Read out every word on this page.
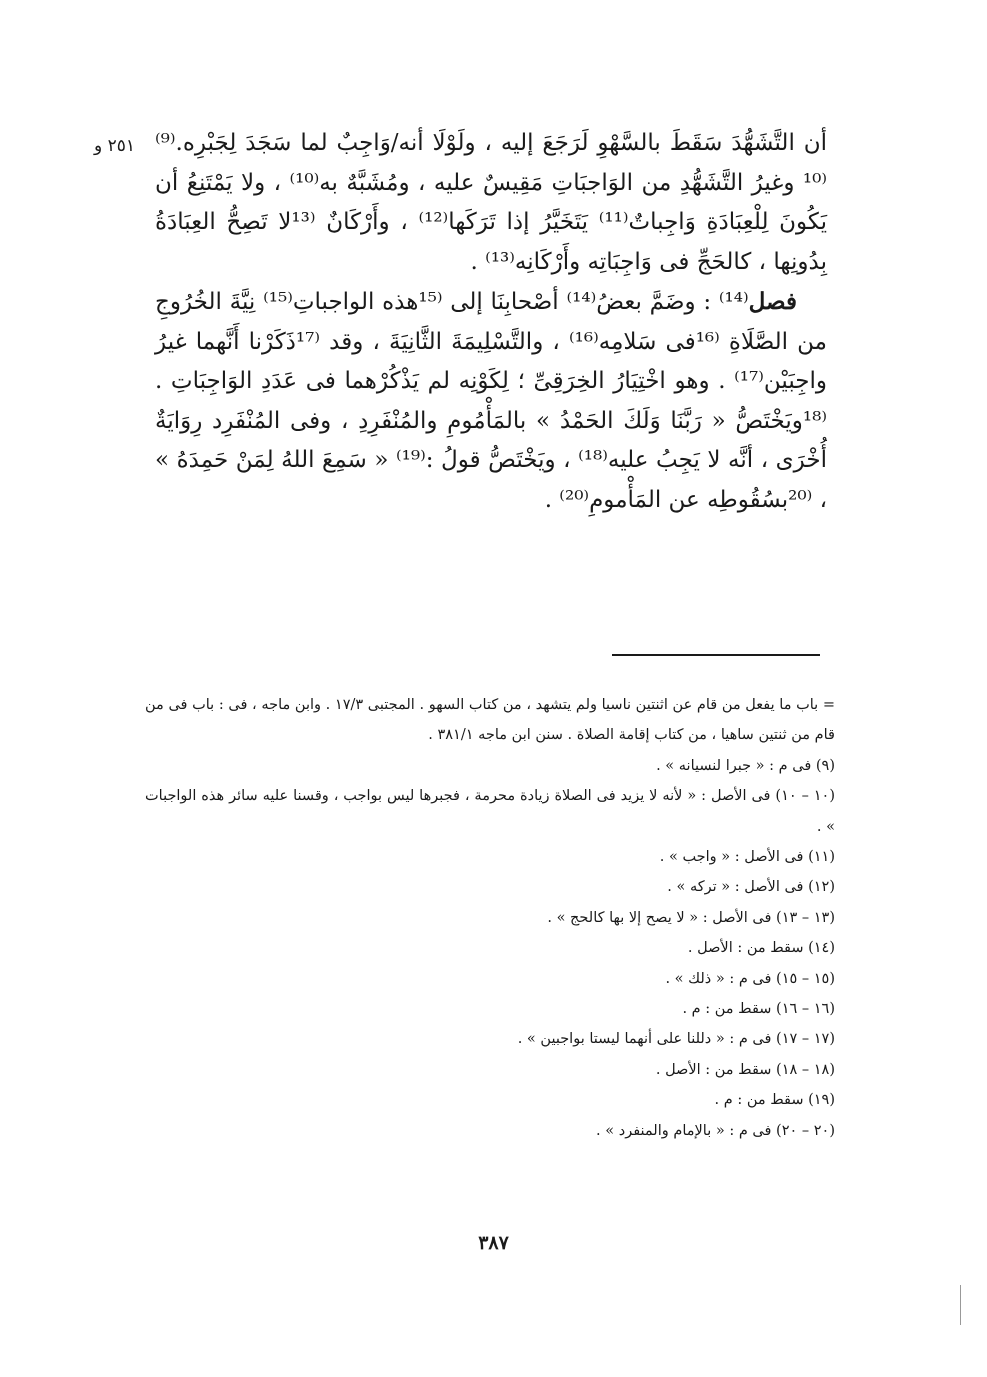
٢٥١ و أن التَّشَهُّدَ سَقَطَ بالسَّهْوِ لَرَجَعَ إليه ، ولَوْلَا أنه/وَاجِبٌ لما سَجَدَ لِجَبْرِه.⁽⁹⁾ ⁽¹⁰ وغيرُ التَّشَهُّدِ من الوَاجبَاتِ مَقِيسٌ عليه ، ومُشَبَّهٌ به⁽¹⁰⁾ ، ولا يَمْتَنِعُ أن يَكُونَ لِلْعِبَادَةِ وَاجِباتٌ⁽¹¹⁾ يَتَخَيَّرُ إذا تَرَكَها⁽¹²⁾ ، وأَرْكَانٌ ⁽¹³لا تَصِحُّ العِبَادَةُ بِدُونِها ، كالحَجِّ فى وَاجِبَاتِه وأَرْكَانِه⁽¹³⁾ .

فصل⁽¹⁴⁾ : وضَمَّ بعضُ⁽¹⁴⁾ أصْحابِنَا إلى ⁽¹⁵هذه الواجباتِ⁽¹⁵⁾ نِيَّةَ الخُرُوجِ من الصَّلَاةِ ⁽¹⁶فى سَلامِه⁽¹⁶⁾ ، والتَّسْلِيمَةَ الثَّانِيَةَ ، وقد ⁽¹⁷ذَكَرْنا أَنَّهما غيرُ واجِبَيْن⁽¹⁷⁾ . وهو اخْتِيَارُ الخِرَقِىِّ ؛ لِكَوْنِه لم يَذْكُرْهما فى عَدَدِ الوَاجِبَاتِ . ⁽¹⁸ويَخْتَصُّ « رَبَّنَا وَلَكَ الحَمْدُ » بالمَأْمُومِ والمُنْفَرِدِ ، وفى المُنْفَرِد رِوَايَةٌ أُخْرَى ، أنَّه لا يَجِبُ عليه⁽¹⁸⁾ ، ويَخْتَصُّ قولُ :⁽¹⁹⁾ « سَمِعَ اللهُ لِمَنْ حَمِدَهُ » ، ⁽²⁰بسُقُوطِه عن المَأْمومِ⁽²⁰⁾ .

= باب ما يفعل من قام عن اثنتين ناسيا ولم يتشهد ، من كتاب السهو . المجتبى ١٧/٣ . وابن ماجه ، فى : باب فى من قام من ثنتين ساهيا ، من كتاب إقامة الصلاة . سنن ابن ماجه ٣٨١/١ .
(٩) فى م : « جبرا لنسيانه » .
(١٠ – ١٠) فى الأصل : « لأنه لا يزيد فى الصلاة زيادة محرمة ، فجبرها ليس بواجب ، وقسنا عليه سائر هذه الواجبات » .
(١١) فى الأصل : « واجب » .
(١٢) فى الأصل : « تركه » .
(١٣ – ١٣) فى الأصل : « لا يصح إلا بها كالحج » .
(١٤) سقط من : الأصل .
(١٥ – ١٥) فى م : « ذلك » .
(١٦ – ١٦) سقط من : م .
(١٧ – ١٧) فى م : « دللنا على أنهما ليستا بواجبين » .
(١٨ – ١٨) سقط من : الأصل .
(١٩) سقط من : م .
(٢٠ – ٢٠) فى م : « بالإمام والمنفرد » .
٣٨٧
